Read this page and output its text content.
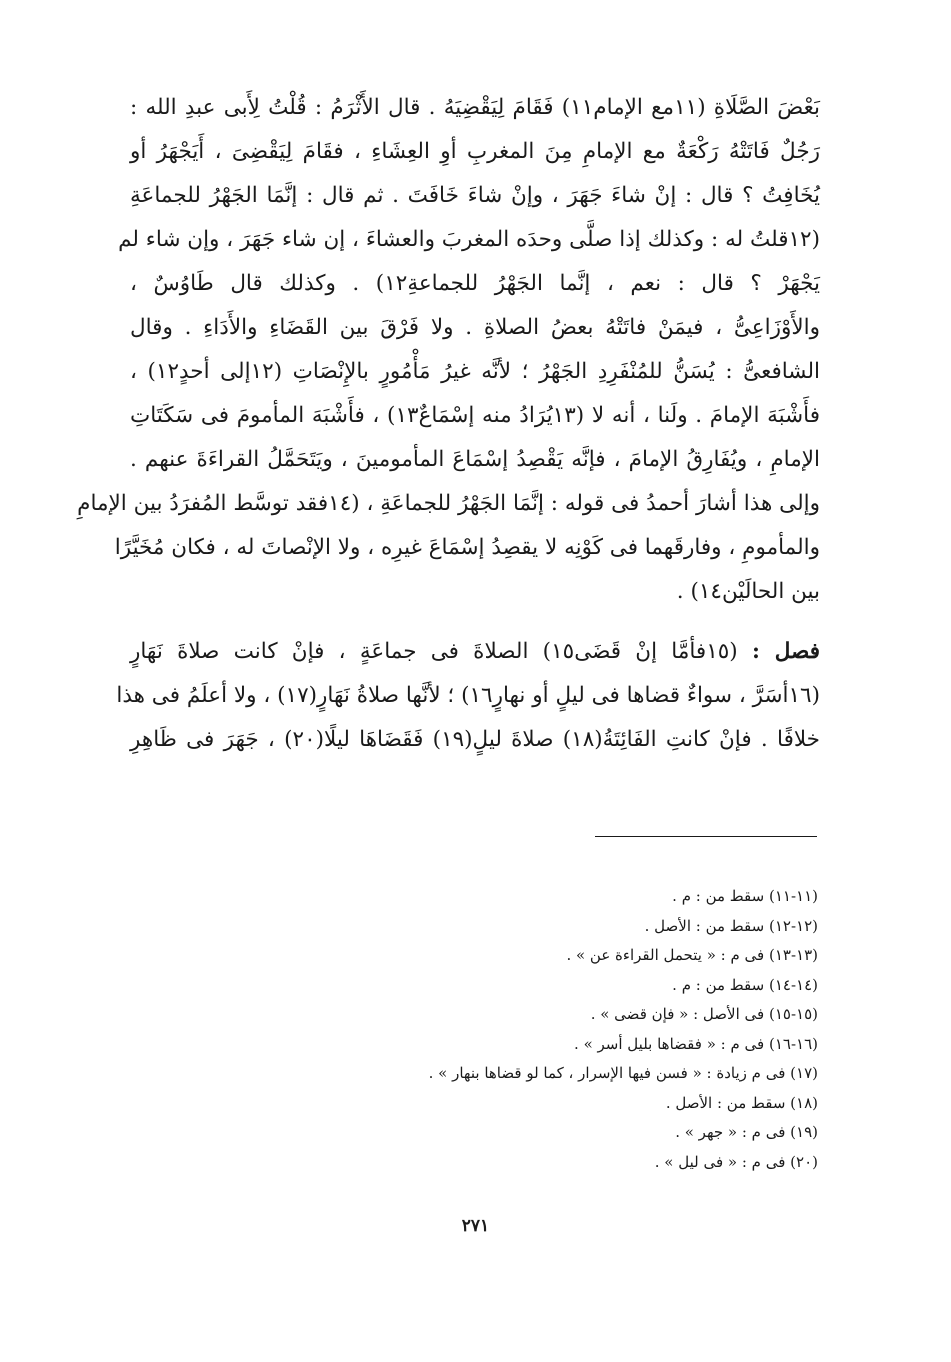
بَعْضَ الصَّلَاةِ (١١مع الإمام١١) فَقَامَ لِيَقْضِيَهُ . قال الأَثْرَمُ : قُلْتُ لِأَبى عبدِ الله :
رَجُلٌ فَاتَتْهُ رَكْعَةٌ مع الإمامِ مِنَ المغربِ أوِ العِشَاءِ ، فقَامَ لِيَقْضِىَ ، أَيَجْهَرُ أو
يُخَافِتُ ؟ قال : إنْ شاءَ جَهَرَ ، وإنْ شاءَ خَافَتَ . ثم قال : إنَّمَا الجَهْرُ للجماعَةِ
(١٢قلتُ له : وكذلك إذا صلَّى وحدَه المغربَ والعشاءَ ، إن شاء جَهَرَ ، وإن شاء لم
يَجْهَرْ ؟ قال : نعم ، إنَّما الجَهْرُ للجماعةِ١٢) . وكذلك قال طَاوُسٌ ،
والأَوْزَاعِىُّ ، فيمَنْ فاتَتْهُ بعضُ الصلاةِ . ولا فَرْقَ بين القَضَاءِ والأَدَاءِ . وقال
الشافعىُّ : يُسَنُّ للمُنْفَرِدِ الجَهْرُ ؛ لأنَّه غيرُ مَأْمُورٍ بالإِنْصَاتِ (١٢إلى أحدٍ١٢) ،
فأَشْبَهَ الإمامَ . ولَنا ، أنه لا (١٣يُرَادُ منه إسْمَاعٌ١٣) ، فأَشْبَهَ المأمومَ فى سَكَتَاتِ
الإمامِ ، ويُفَارِقُ الإمامَ ، فإنَّه يَقْصِدُ إسْمَاعَ المأمومينَ ، ويَتَحَمَّلُ القراءَةَ عنهم .
وإلى هذا أشارَ أحمدُ فى قوله : إنَّمَا الجَهْرُ للجماعَةِ ، (١٤فقد توسَّط المُفرَدُ بين الإمامِ
والمأمومِ ، وفارقَهما فى كَوْنِه لا يقصِدُ إسْمَاعَ غيرِه ، ولا الإنْصاتَ له ، فكان مُخَيَّرًا
بين الحالَيْن١٤) .
فصل : (١٥فأمَّا إنْ قَضَى١٥) الصلاةَ فى جماعَةٍ ، فإنْ كانت صلاةَ نَهَارٍ
(١٦أسَرَّ ، سواءٌ قضاها فى ليلٍ أو نهارٍ١٦) ؛ لأنَّها صلاةُ نَهَارٍ(١٧) ، ولا أعلَمُ فى هذا
خلافًا . فإنْ كانتِ الفَائِتَةُ(١٨) صلاةَ ليلٍ(١٩) فَقَضَاهَا ليلًا(٢٠) ، جَهَرَ فى ظَاهِرِ
(١١-١١) سقط من : م .
(١٢-١٢) سقط من : الأصل .
(١٣-١٣) فى م : « يتحمل القراءة عن » .
(١٤-١٤) سقط من : م .
(١٥-١٥) فى الأصل : « فإن قضى » .
(١٦-١٦) فى م : « فقضاها بليل أسر » .
(١٧) فى م زيادة : « فسن فيها الإسرار ، كما لو قضاها بنهار » .
(١٨) سقط من : الأصل .
(١٩) فى م : « جهر » .
(٢٠) فى م : « فى ليل » .
٢٧١
